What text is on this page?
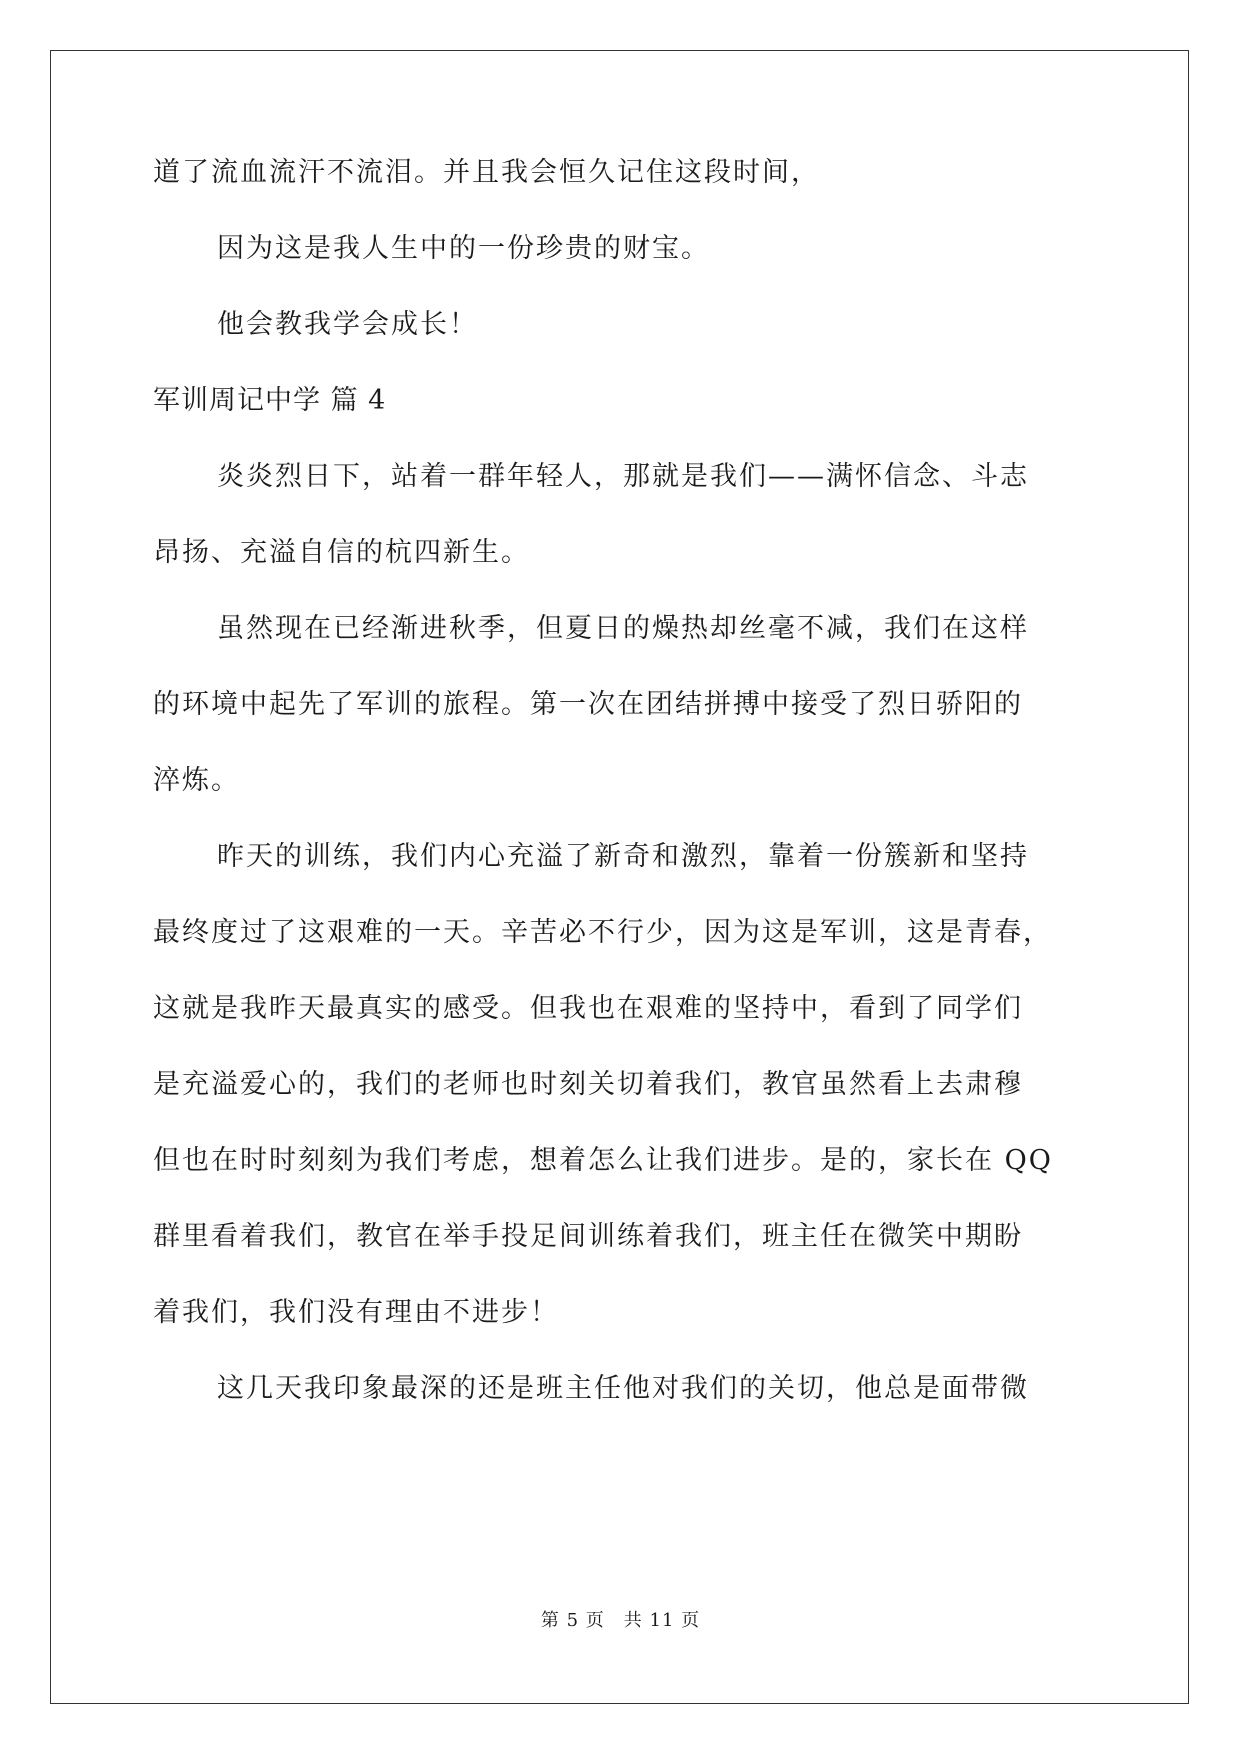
道了流血流汗不流泪。并且我会恒久记住这段时间，
因为这是我人生中的一份珍贵的财宝。
他会教我学会成长！
军训周记中学 篇 4
炎炎烈日下，站着一群年轻人，那就是我们——满怀信念、斗志
昂扬、充溢自信的杭四新生。
虽然现在已经渐进秋季，但夏日的燥热却丝毫不减，我们在这样
的环境中起先了军训的旅程。第一次在团结拼搏中接受了烈日骄阳的
淬炼。
昨天的训练，我们内心充溢了新奇和激烈，靠着一份簇新和坚持
最终度过了这艰难的一天。辛苦必不行少，因为这是军训，这是青春，
这就是我昨天最真实的感受。但我也在艰难的坚持中，看到了同学们
是充溢爱心的，我们的老师也时刻关切着我们，教官虽然看上去肃穆
但也在时时刻刻为我们考虑，想着怎么让我们进步。是的，家长在 QQ
群里看着我们，教官在举手投足间训练着我们，班主任在微笑中期盼
着我们，我们没有理由不进步！
这几天我印象最深的还是班主任他对我们的关切，他总是面带微
第 5 页　共 11 页
